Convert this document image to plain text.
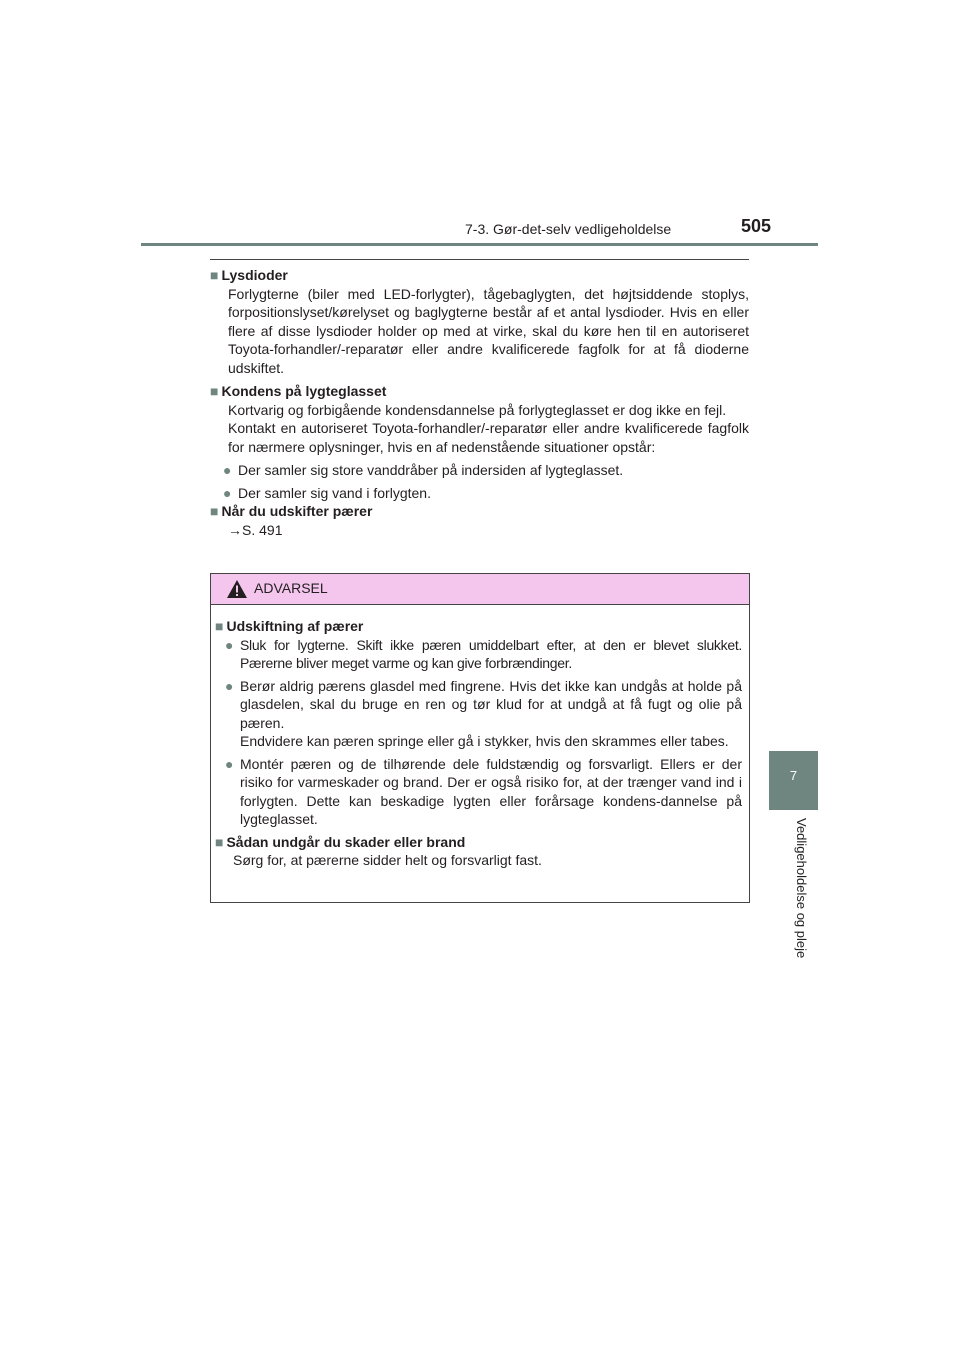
7-3. Gør-det-selv vedligeholdelse	505
7
Vedligeholdelse og pleje

■ Lysdioder

Forlygterne (biler med LED-forlygter), tågebaglygten, det højtsiddende stoplys, forpositionslyset/kørelyset og baglygterne består af et antal lysdioder. Hvis en eller flere af disse lysdioder holder op med at virke, skal du køre hen til en autoriseret Toyota-forhandler/-reparatør eller andre kvalificerede fagfolk for at få dioderne udskiftet.

■ Kondens på lygteglasset

Kortvarig og forbigående kondensdannelse på forlygteglasset er dog ikke en fejl.

Kontakt en autoriseret Toyota-forhandler/-reparatør eller andre kvalificerede fagfolk for nærmere oplysninger, hvis en af nedenstående situationer opstår:

● Der samler sig store vanddråber på indersiden af lygteglasset.
● Der samler sig vand i forlygten.

■ Når du udskifter pærer

→S. 491

ADVARSEL

■ Udskiftning af pærer

● Sluk for lygterne. Skift ikke pæren umiddelbart efter, at den er blevet slukket. Pærerne bliver meget varme og kan give forbrændinger.
● Berør aldrig pærens glasdel med fingrene. Hvis det ikke kan undgås at holde på glasdelen, skal du bruge en ren og tør klud for at undgå at få fugt og olie på pæren.
Endvidere kan pæren springe eller gå i stykker, hvis den skrammes eller tabes.
● Montér pæren og de tilhørende dele fuldstændig og forsvarligt. Ellers er der risiko for varmeskader og brand. Der er også risiko for, at der trænger vand ind i forlygten. Dette kan beskadige lygten eller forårsage kondens-dannelse på lygteglasset.

■ Sådan undgår du skader eller brand

Sørg for, at pærerne sidder helt og forsvarligt fast.
